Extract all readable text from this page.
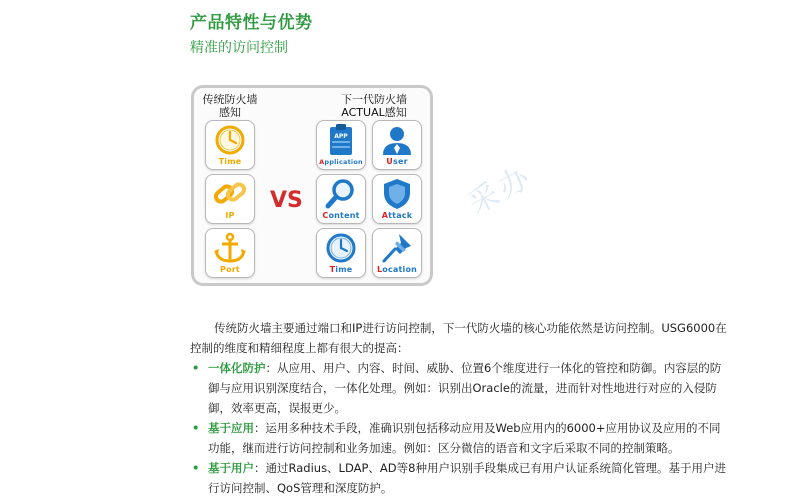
产品特性与优势
精准的访问控制
传统防火墙
感知
下一代防火墙
ACTUAL感知
Time
IP
Port
VS
APP
Application	User
Content	Attack
Time	Location
采办

传统防火墙主要通过端口和IP进行访问控制，下一代防火墙的核心功能依然是访问控制。USG6000在控制的维度和精细程度上都有很大的提高：

• 一体化防护：从应用、用户、内容、时间、威胁、位置6个维度进行一体化的管控和防御。内容层的防御与应用识别深度结合，一体化处理。例如：识别出Oracle的流量，进而针对性地进行对应的入侵防御，效率更高，误报更少。
• 基于应用：运用多种技术手段，准确识别包括移动应用及Web应用内的6000+应用协议及应用的不同功能，继而进行访问控制和业务加速。例如：区分微信的语音和文字后采取不同的控制策略。
• 基于用户：通过Radius、LDAP、AD等8种用户识别手段集成已有用户认证系统简化管理。基于用户进行访问控制、QoS管理和深度防护。
